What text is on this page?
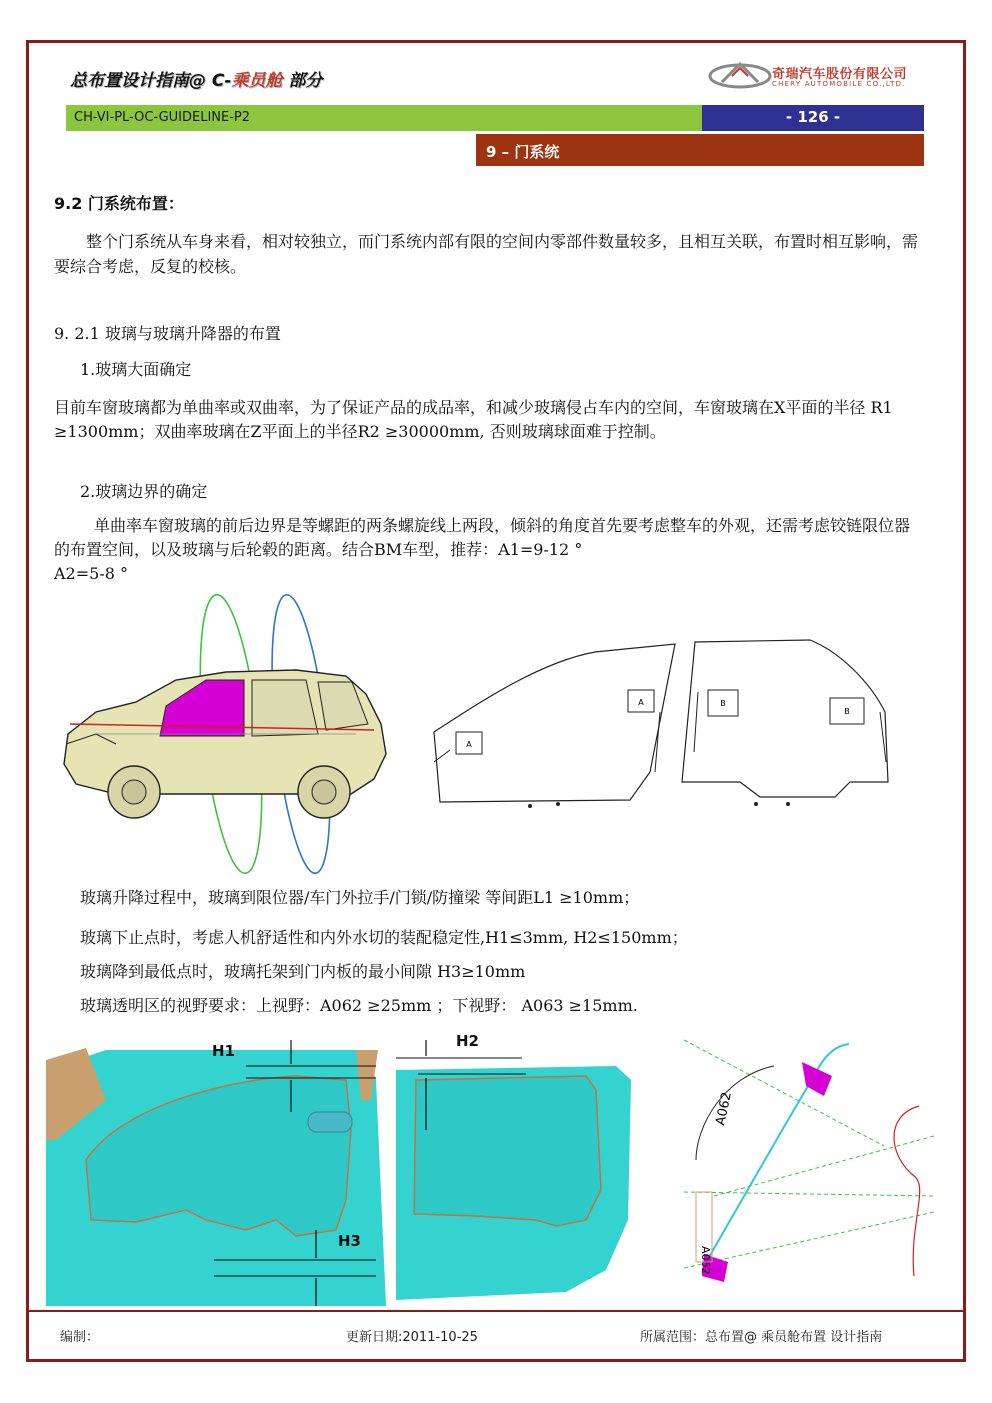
总布置设计指南@ C-乘员舱 部分	奇瑞汽车股份有限公司
CHERY AUTOMOBILE CO.,LTD.
CH-VI-PL-OC-GUIDELINE-P2	- 126 -
9 – 门系统
9.2 门系统布置：
整个门系统从车身来看，相对较独立，而门系统内部有限的空间内零部件数量较多，且相互关联，布置时相互影响，需要综合考虑，反复的校核。
9. 2.1 玻璃与玻璃升降器的布置
1.玻璃大面确定
目前车窗玻璃都为单曲率或双曲率，为了保证产品的成品率，和减少玻璃侵占车内的空间，车窗玻璃在X平面的半径 R1 ≥1300mm；双曲率玻璃在Z平面上的半径R2 ≥30000mm, 否则玻璃球面难于控制。
2.玻璃边界的确定
单曲率车窗玻璃的前后边界是等螺距的两条螺旋线上两段，倾斜的角度首先要考虑整车的外观，还需考虑铰链限位器的布置空间，以及玻璃与后轮毂的距离。结合BM车型，推荐：A1=9-12 °
A2=5-8 °
A
A	B
B
玻璃升降过程中，玻璃到限位器/车门外拉手/门锁/防撞梁 等间距L1 ≥10mm；
玻璃下止点时，考虑人机舒适性和内外水切的装配稳定性,H1≤3mm, H2≤150mm；
玻璃降到最低点时，玻璃托架到门内板的最小间隙 H3≥10mm
玻璃透明区的视野要求：上视野：A062 ≥25mm ；下视野： A063 ≥15mm.
H1
H2
H3
A062
A062
编制：	更新日期:2011-10-25	所属范围：总布置@ 乘员舱布置 设计指南
